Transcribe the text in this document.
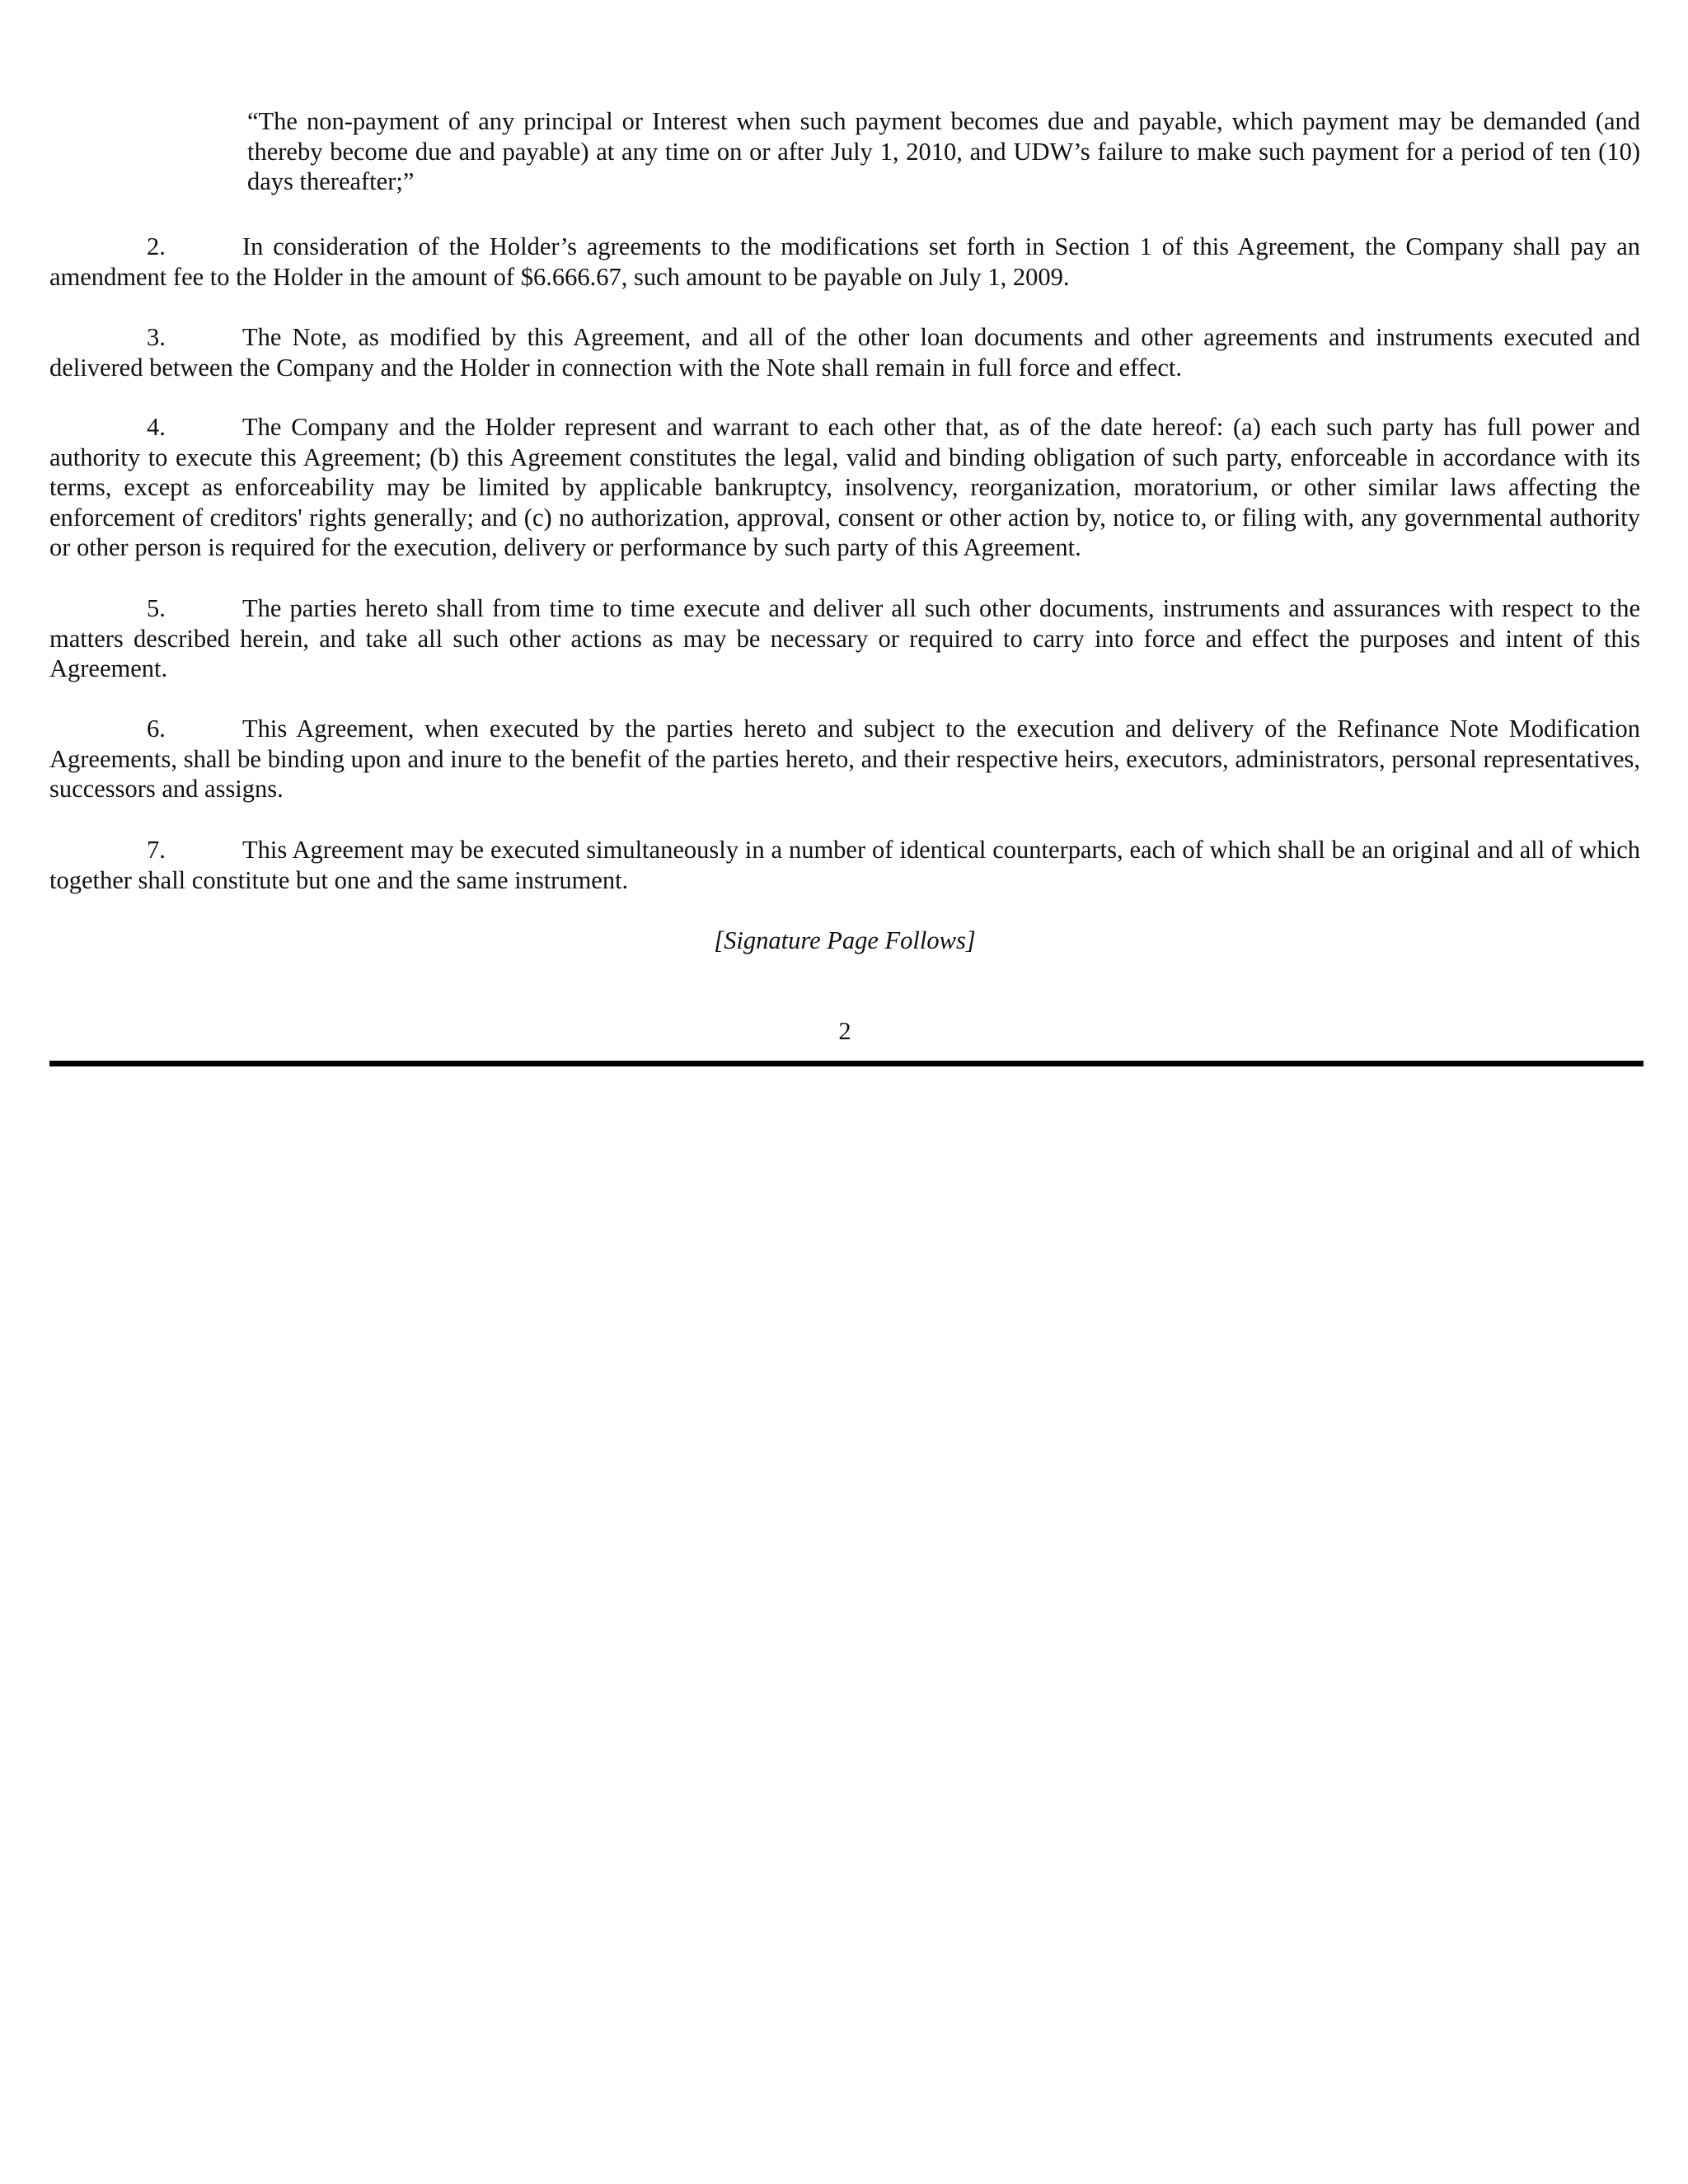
“The non-payment of any principal or Interest when such payment becomes due and payable, which payment may be demanded (and thereby become due and payable) at any time on or after July 1, 2010, and UDW’s failure to make such payment for a period of ten (10) days thereafter;”

2.	In consideration of the Holder’s agreements to the modifications set forth in Section 1 of this Agreement, the Company shall pay an amendment fee to the Holder in the amount of $6.666.67, such amount to be payable on July 1, 2009.

3.	The Note, as modified by this Agreement, and all of the other loan documents and other agreements and instruments executed and delivered between the Company and the Holder in connection with the Note shall remain in full force and effect.

4.	The Company and the Holder represent and warrant to each other that, as of the date hereof: (a) each such party has full power and authority to execute this Agreement; (b) this Agreement constitutes the legal, valid and binding obligation of such party, enforceable in accordance with its terms, except as enforceability may be limited by applicable bankruptcy, insolvency, reorganization, moratorium, or other similar laws affecting the enforcement of creditors' rights generally; and (c) no authorization, approval, consent or other action by, notice to, or filing with, any governmental authority or other person is required for the execution, delivery or performance by such party of this Agreement.

5.	The parties hereto shall from time to time execute and deliver all such other documents, instruments and assurances with respect to the matters described herein, and take all such other actions as may be necessary or required to carry into force and effect the purposes and intent of this Agreement.

6.	This Agreement, when executed by the parties hereto and subject to the execution and delivery of the Refinance Note Modification Agreements, shall be binding upon and inure to the benefit of the parties hereto, and their respective heirs, executors, administrators, personal representatives, successors and assigns.

7.	This Agreement may be executed simultaneously in a number of identical counterparts, each of which shall be an original and all of which together shall constitute but one and the same instrument.

[Signature Page Follows]

2
